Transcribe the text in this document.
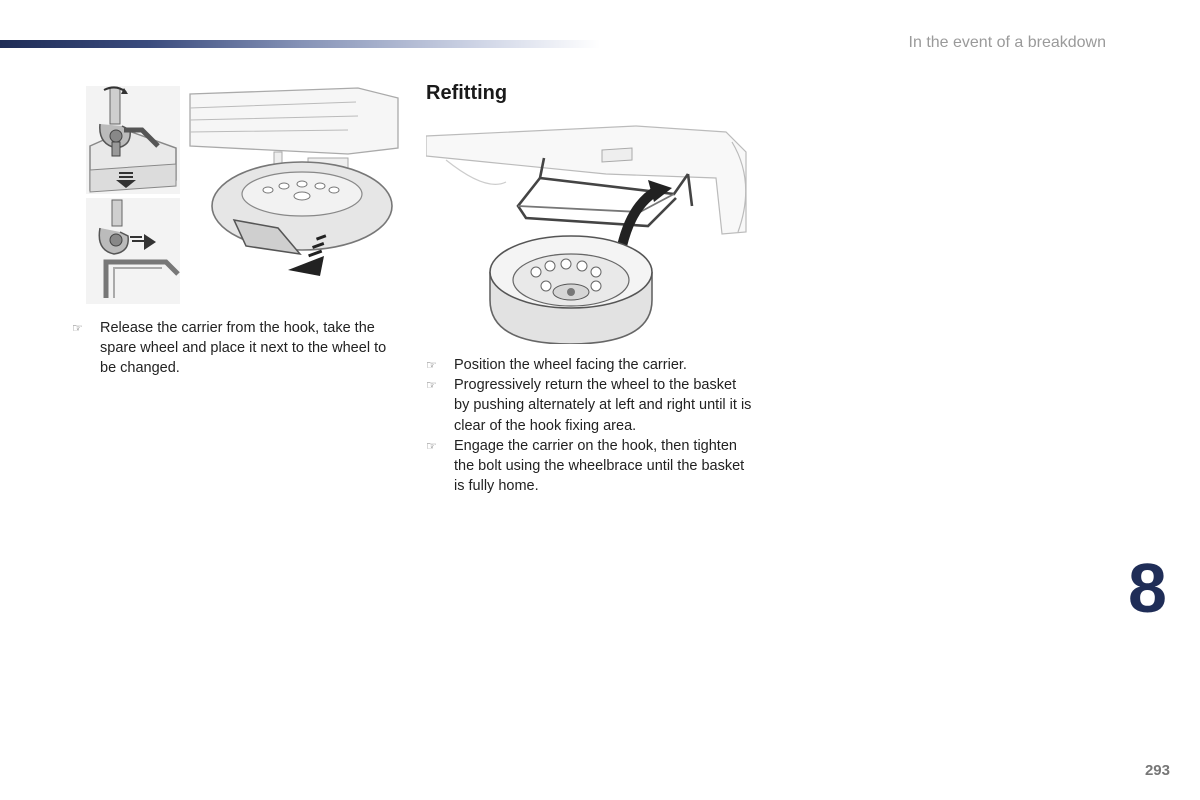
In the event of a breakdown
☞ Release the carrier from the hook, take the spare wheel and place it next to the wheel to be changed.
Refitting
☞ Position the wheel facing the carrier.
☞ Progressively return the wheel to the basket by pushing alternately at left and right until it is clear of the hook fixing area.
☞ Engage the carrier on the hook, then tighten the bolt using the wheelbrace until the basket is fully home.
8
293
